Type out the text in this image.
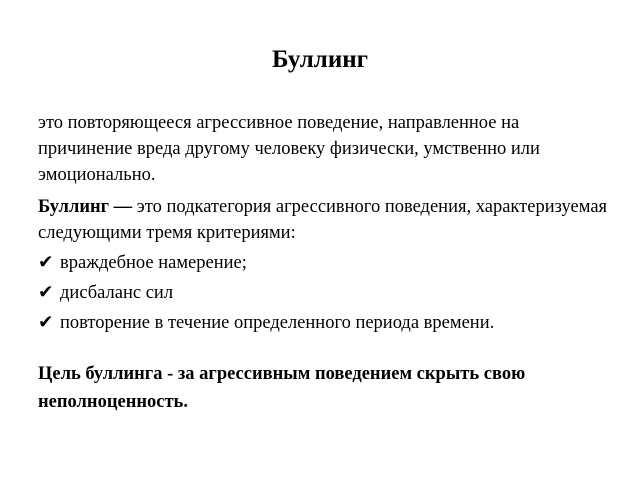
Буллинг

это повторяющееся агрессивное поведение, направленное на причинение вреда другому человеку физически, умственно или эмоционально.

Буллинг — это подкатегория агрессивного поведения, характеризуемая следующими тремя критериями:

✔ враждебное намерение;

✔ дисбаланс сил

✔ повторение в течение определенного периода времени.

Цель буллинга - за агрессивным поведением скрыть свою неполноценность.
